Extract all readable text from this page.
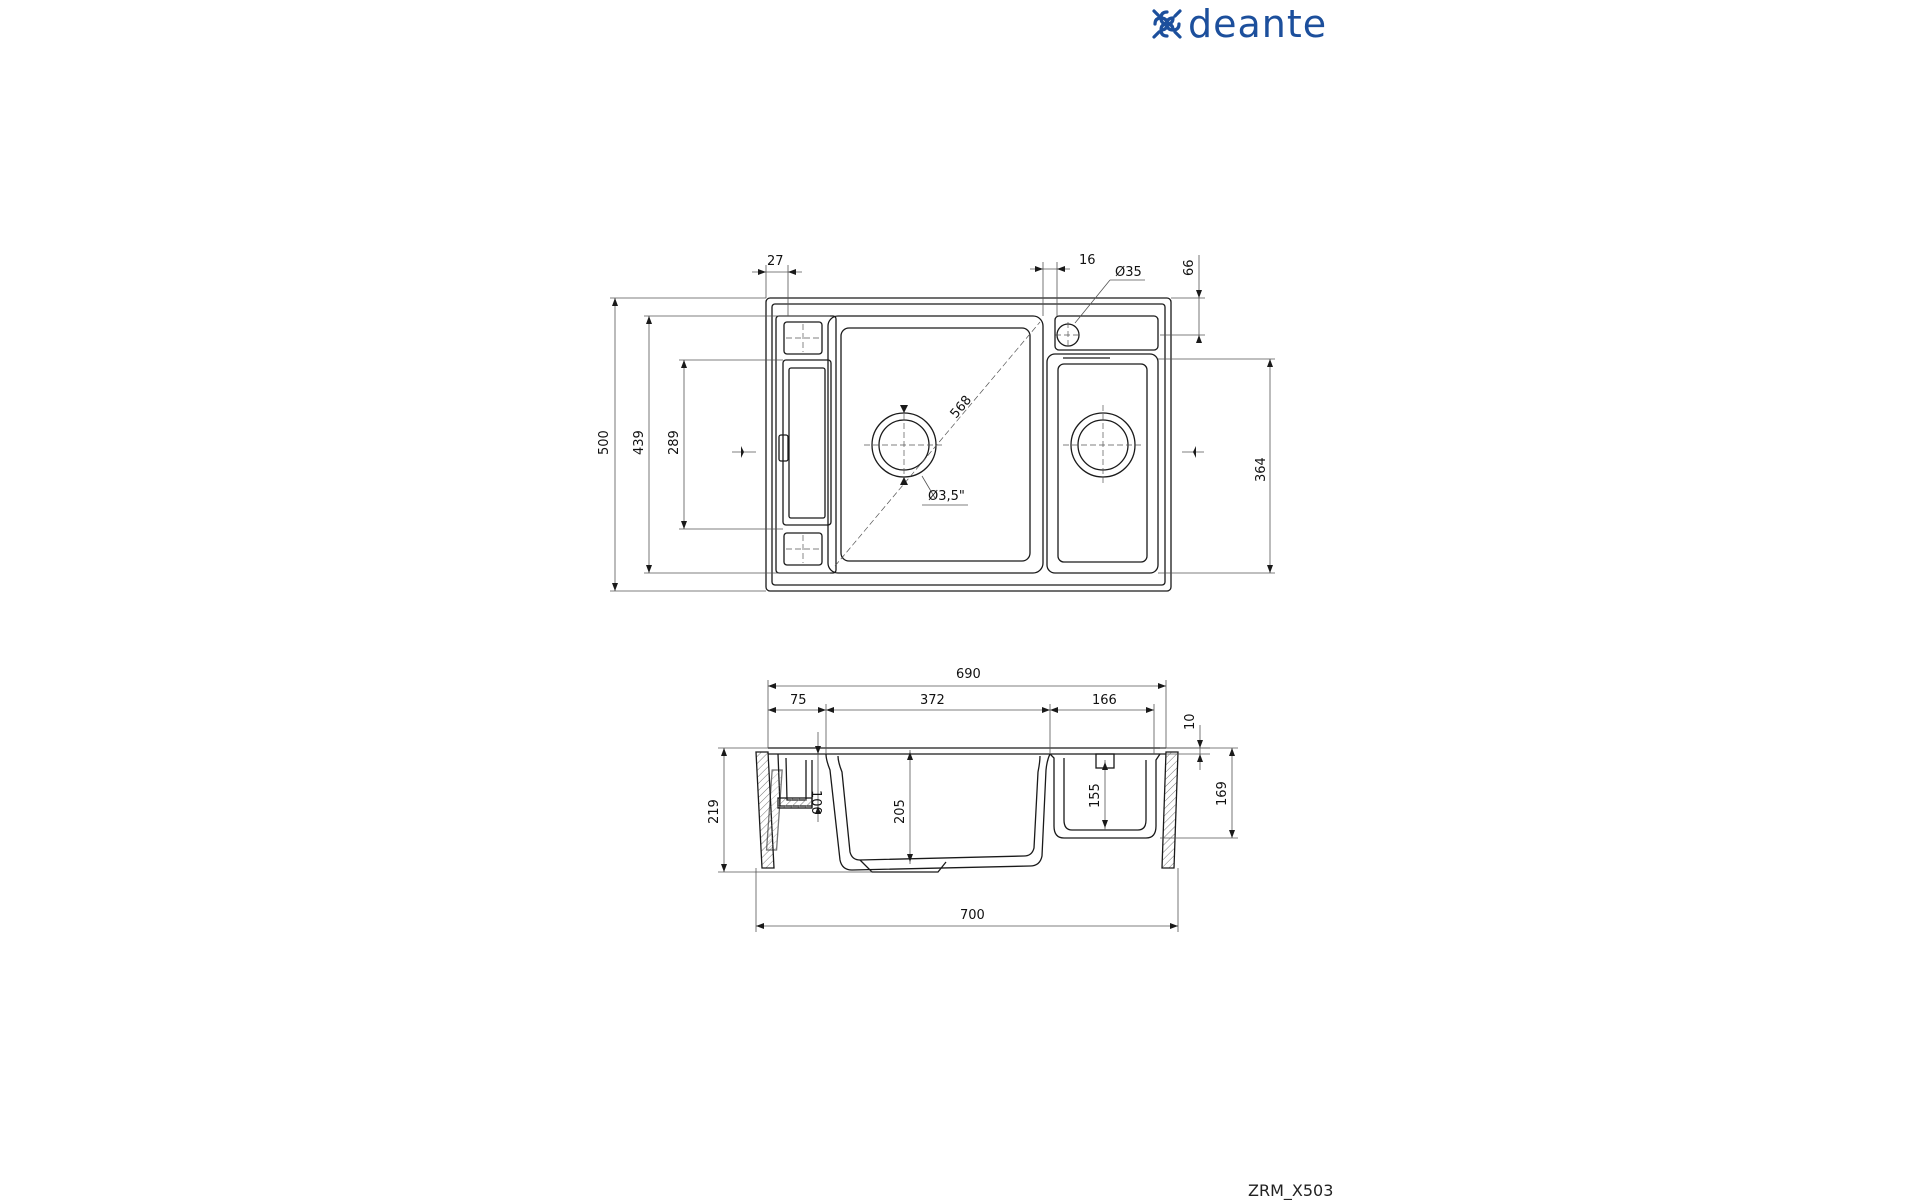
deante
27	16
Ø35	66
500 439 289
364
568
Ø3,5"
690
75	372	166
10
219	100	205
155	169
700
ZRM_X503
